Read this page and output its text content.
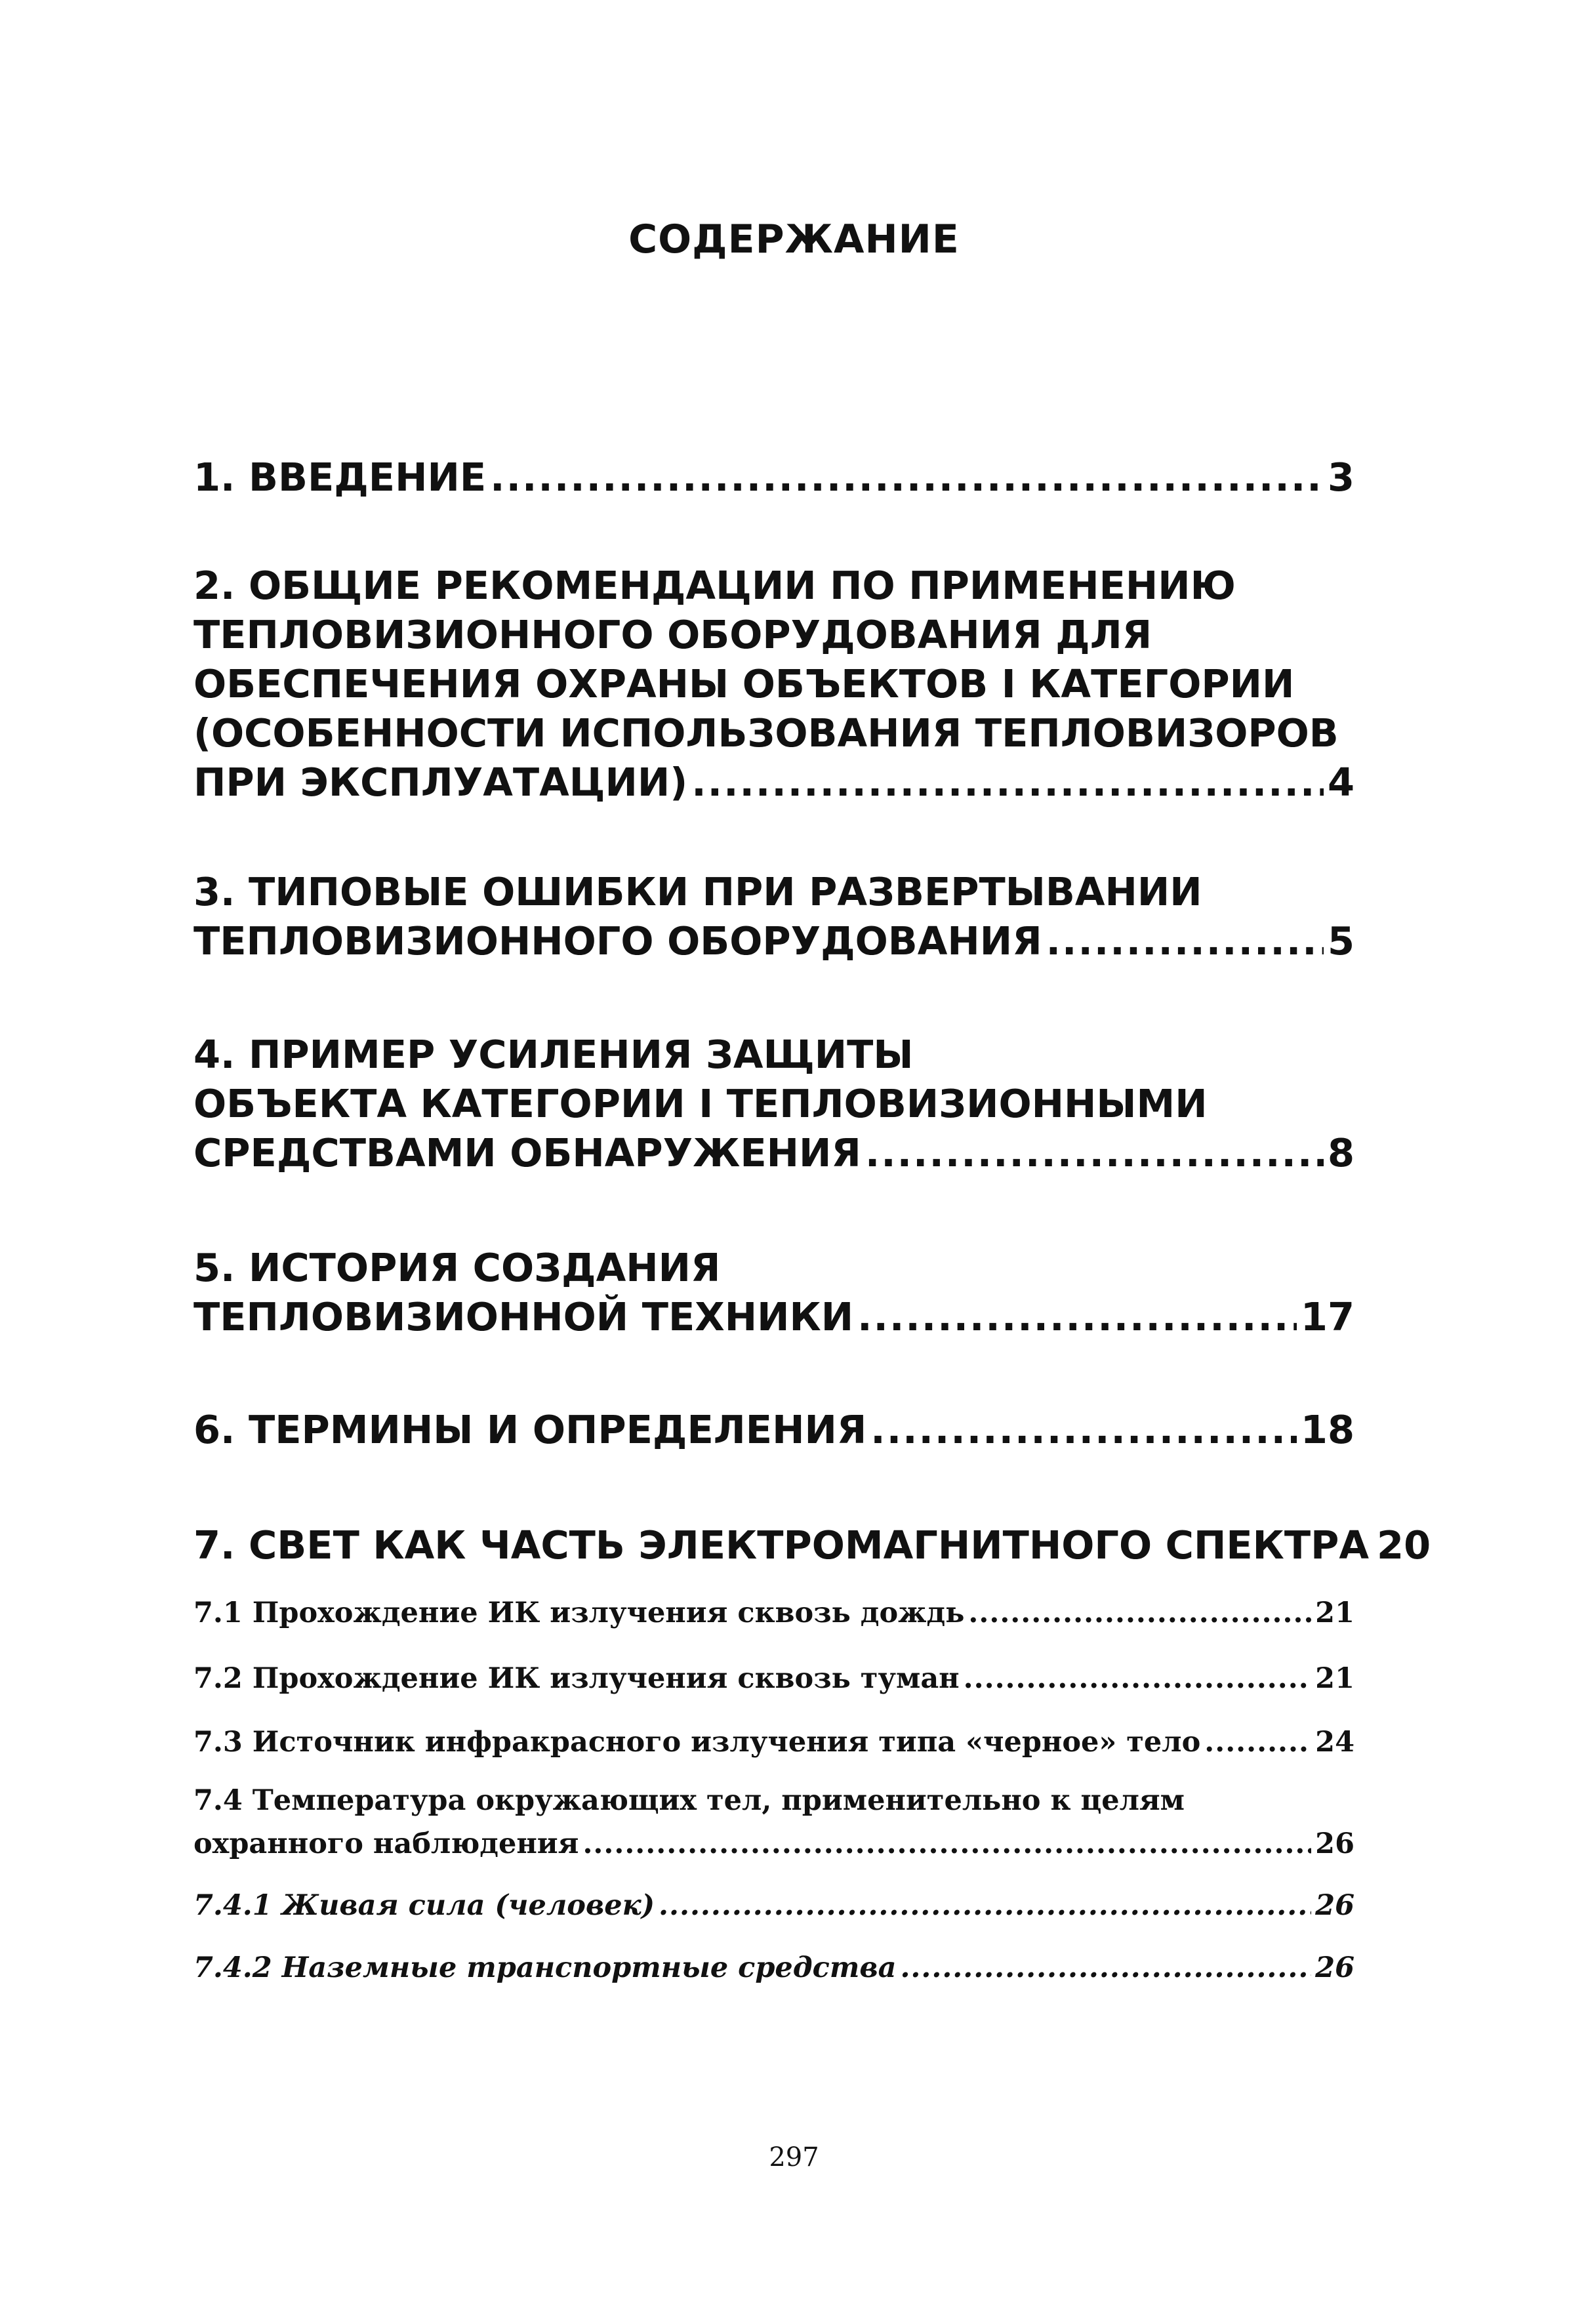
СОДЕРЖАНИЕ
1. ВВЕДЕНИЕ .....	3
2. ОБЩИЕ РЕКОМЕНДАЦИИ ПО ПРИМЕНЕНИЮ
ТЕПЛОВИЗИОННОГО ОБОРУДОВАНИЯ ДЛЯ
ОБЕСПЕЧЕНИЯ ОХРАНЫ ОБЪЕКТОВ I КАТЕГОРИИ
(ОСОБЕННОСТИ ИСПОЛЬЗОВАНИЯ ТЕПЛОВИЗОРОВ
ПРИ ЭКСПЛУАТАЦИИ) .....	4
3. ТИПОВЫЕ ОШИБКИ ПРИ РАЗВЕРТЫВАНИИ
ТЕПЛОВИЗИОННОГО ОБОРУДОВАНИЯ .....	5
4. ПРИМЕР УСИЛЕНИЯ ЗАЩИТЫ
ОБЪЕКТА КАТЕГОРИИ I ТЕПЛОВИЗИОННЫМИ
СРЕДСТВАМИ ОБНАРУЖЕНИЯ .....	8
5. ИСТОРИЯ СОЗДАНИЯ
ТЕПЛОВИЗИОННОЙ ТЕХНИКИ .....	17
6. ТЕРМИНЫ И ОПРЕДЕЛЕНИЯ .....	18
7. СВЕТ КАК ЧАСТЬ ЭЛЕКТРОМАГНИТНОГО СПЕКТРА 20
7.1 Прохождение ИК излучения сквозь дождь .....	21
7.2 Прохождение ИК излучения сквозь туман .....	21
7.3 Источник инфракрасного излучения типа «черное» тело .....	24
7.4 Температура окружающих тел, применительно к целям
охранного наблюдения .....	26
7.4.1 Живая сила (человек) .....	26
7.4.2 Наземные транспортные средства .....	26

297
